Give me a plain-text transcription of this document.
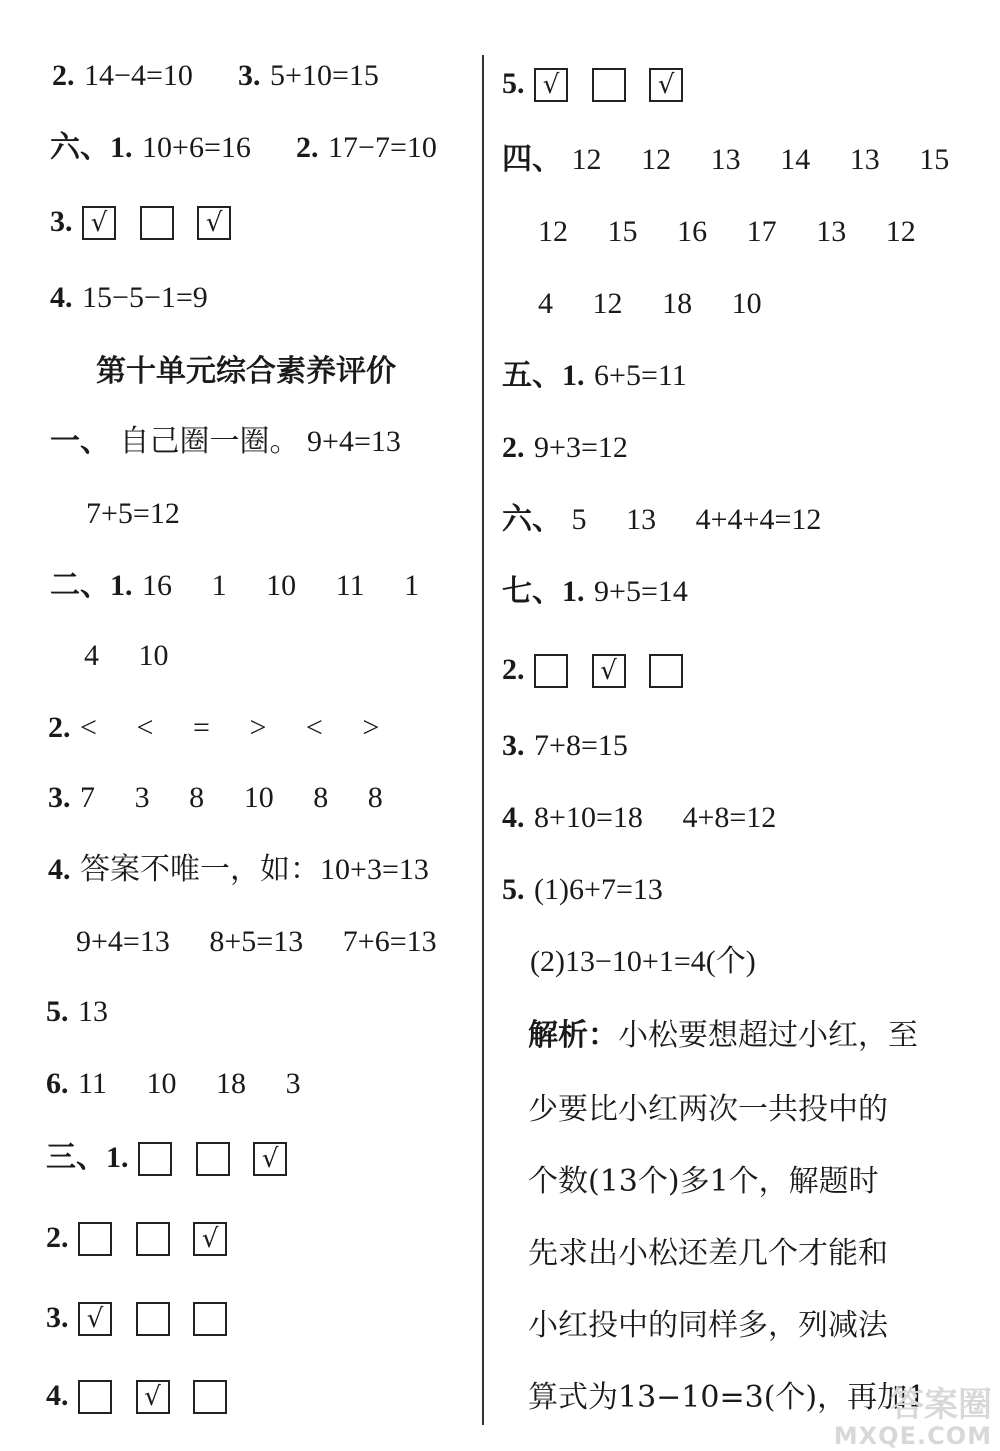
2. 14−4=10 3. 5+10=15
六、1. 10+6=16 2. 17−7=10
3. √	√
4. 15−5−1=9
第十单元综合素养评价
一、 自己圈一圈。 9+4=13
7+5=12
二、1. 16 1 10 11 1
4 10
2. < < = > < >
3. 7 3 8 10 8 8
4. 答案不唯一，如：10+3=13
9+4=13 8+5=13 7+6=13
5. 13
6. 11 10 18 3
三、1.	√
2.	√
3. √
4.	√
5. √	√
四、 12 12 13 14 13 15
12 15 16 17 13 12
4 12 18 10
五、1. 6+5=11
2. 9+3=12
六、 5 13 4+4+4=12
七、1. 9+5=14
2.	√
3. 7+8=15
4. 8+10=18 4+8=12
5. (1)6+7=13
(2)13−10+1=4(个)
解析：小松要想超过小红，至
少要比小红两次一共投中的
个数(13个)多1个，解题时
先求出小松还差几个才能和
小红投中的同样多，列减法
算式为13−10=3(个)，再加1
答案圈
MXQE.COM
